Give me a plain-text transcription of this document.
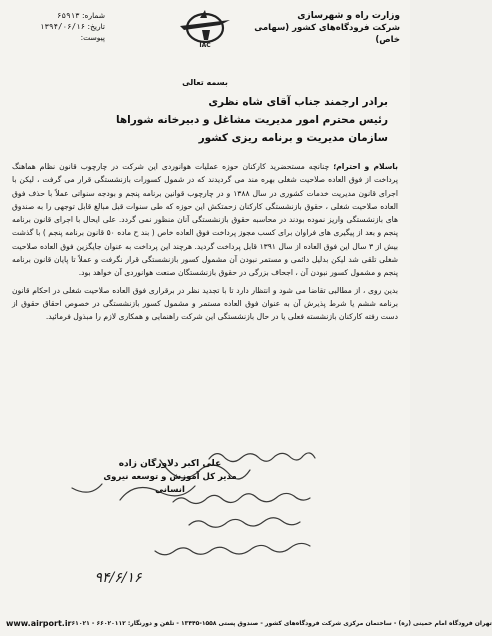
وزارت راه و شهرسازی
شرکت فرودگاه‌های کشور (سهامی خاص)
IAC
شماره: ۶۵۹۱۳
تاریخ: ۱۳۹۴/۰۶/۱۶
پیوست:
بسمه تعالی
برادر ارجمند جناب آقای شاه نظری
رئیس محترم امور مدیریت مشاغل و دبیرخانه شوراها
سازمان مدیریت و برنامه ریزی کشور

باسلام و احترام؛ چنانچه مستحضرید کارکنان حوزه عملیات هوانوردی این شرکت در چارچوب قانون نظام هماهنگ پرداخت از فوق العاده صلاحیت شغلی بهره مند می گردیدند که در شمول کسورات بازنشستگی قرار می گرفت ، لیکن با اجرای قانون مدیریت خدمات کشوری در سال ۱۳۸۸ و در چارچوب قوانین برنامه پنجم و بودجه سنواتی عملاً با حذف فوق العاده صلاحیت شغلی ، حقوق بازنشستگی کارکنان زحمتکش این حوزه که طی سنوات قبل مبالغ قابل توجهی را به صندوق های بازنشستگی واریز نموده بودند در محاسبه حقوق بازنشستگی آنان منظور نمی گردد. علی ایحال با اجرای قانون برنامه پنجم و بعد از پیگیری های فراوان برای کسب مجوز پرداخت فوق العاده خاص ( بند ح ماده ۵۰ قانون برنامه پنجم ) با گذشت بیش از ۳ سال این فوق العاده از سال ۱۳۹۱ قابل پرداخت گردید. هرچند این پرداخت به عنوان جایگزین فوق العاده صلاحیت شغلی تلقی شد لیکن بدلیل دائمی و مستمر نبودن آن مشمول کسور بازنشستگی قرار نگرفت و عملاً تا پایان قانون برنامه پنجم و مشمول کسور نبودن آن ، اجحاف بزرگی در حقوق بازنشستگان صنعت هوانوردی آن خواهد بود.

بدین روی ، از مطالبی تقاضا می شود و انتظار دارد تا با تجدید نظر در برقراری فوق العاده صلاحیت شغلی در احکام قانون برنامه ششم یا شرط پذیرش آن به عنوان فوق العاده مستمر و مشمول کسور بازنشستگی در خصوص احقاق حقوق از دست رفته کارکنان بازنشسته فعلی یا در حال بازنشستگی این شرکت راهنمایی و همکاری لازم را مبذول فرمائید.

علی اکبر دلاورگان زاده
مدیر کل آموزش و توسعه نیروی انسانی
۹۴/۶/۱۶
www.airport.ir تهران فرودگاه امام خمینی (ره) - ساختمان مرکزی شرکت فرودگاه‌های کشور - صندوق پستی ۱۵۵۸-۱۳۴۴۵ - تلفن و دورنگار: ۶۶۰۲۰۱۱۲ - ۶۱۰۲۱
